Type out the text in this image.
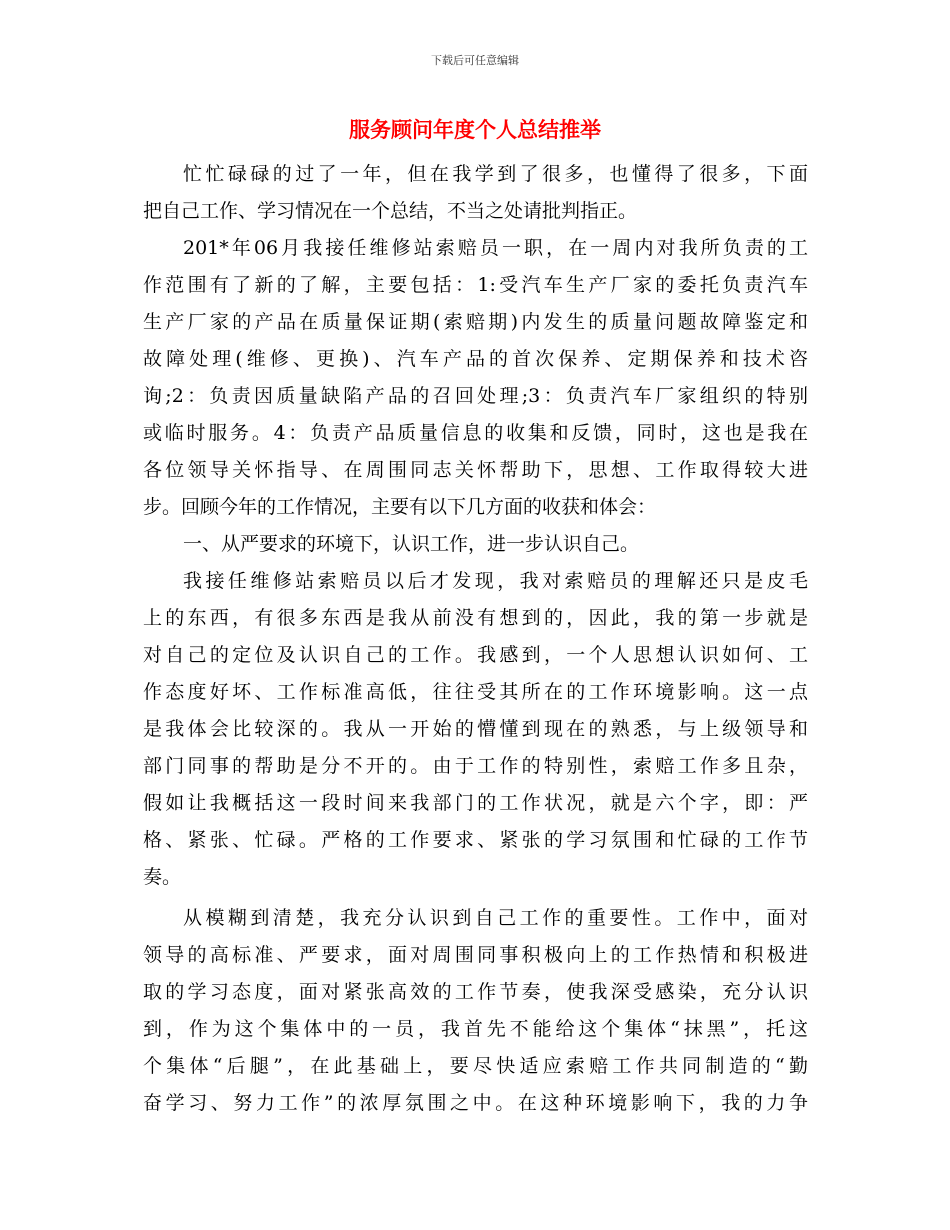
下载后可任意编辑
服务顾问年度个人总结推举
忙忙碌碌的过了一年，但在我学到了很多，也懂得了很多，下面
把自己工作、学习情况在一个总结，不当之处请批判指正。
201*年06月我接任维修站索赔员一职，在一周内对我所负责的工
作范围有了新的了解，主要包括：1:受汽车生产厂家的委托负责汽车
生产厂家的产品在质量保证期(索赔期)内发生的质量问题故障鉴定和
故障处理(维修、更换)、汽车产品的首次保养、定期保养和技术咨
询;2：负责因质量缺陷产品的召回处理;3：负责汽车厂家组织的特别
或临时服务。4：负责产品质量信息的收集和反馈，同时，这也是我在
各位领导关怀指导、在周围同志关怀帮助下，思想、工作取得较大进
步。回顾今年的工作情况，主要有以下几方面的收获和体会：
一、从严要求的环境下，认识工作，进一步认识自己。
我接任维修站索赔员以后才发现，我对索赔员的理解还只是皮毛
上的东西，有很多东西是我从前没有想到的，因此，我的第一步就是
对自己的定位及认识自己的工作。我感到，一个人思想认识如何、工
作态度好坏、工作标准高低，往往受其所在的工作环境影响。这一点
是我体会比较深的。我从一开始的懵懂到现在的熟悉，与上级领导和
部门同事的帮助是分不开的。由于工作的特别性，索赔工作多且杂，
假如让我概括这一段时间来我部门的工作状况，就是六个字，即：严
格、紧张、忙碌。严格的工作要求、紧张的学习氛围和忙碌的工作节
奏。
从模糊到清楚，我充分认识到自己工作的重要性。工作中，面对
领导的高标准、严要求，面对周围同事积极向上的工作热情和积极进
取的学习态度，面对紧张高效的工作节奏，使我深受感染，充分认识
到，作为这个集体中的一员，我首先不能给这个集体“抹黑”，托这
个集体“后腿”，在此基础上，要尽快适应索赔工作共同制造的“勤
奋学习、努力工作”的浓厚氛围之中。在这种环境影响下，我的力争
